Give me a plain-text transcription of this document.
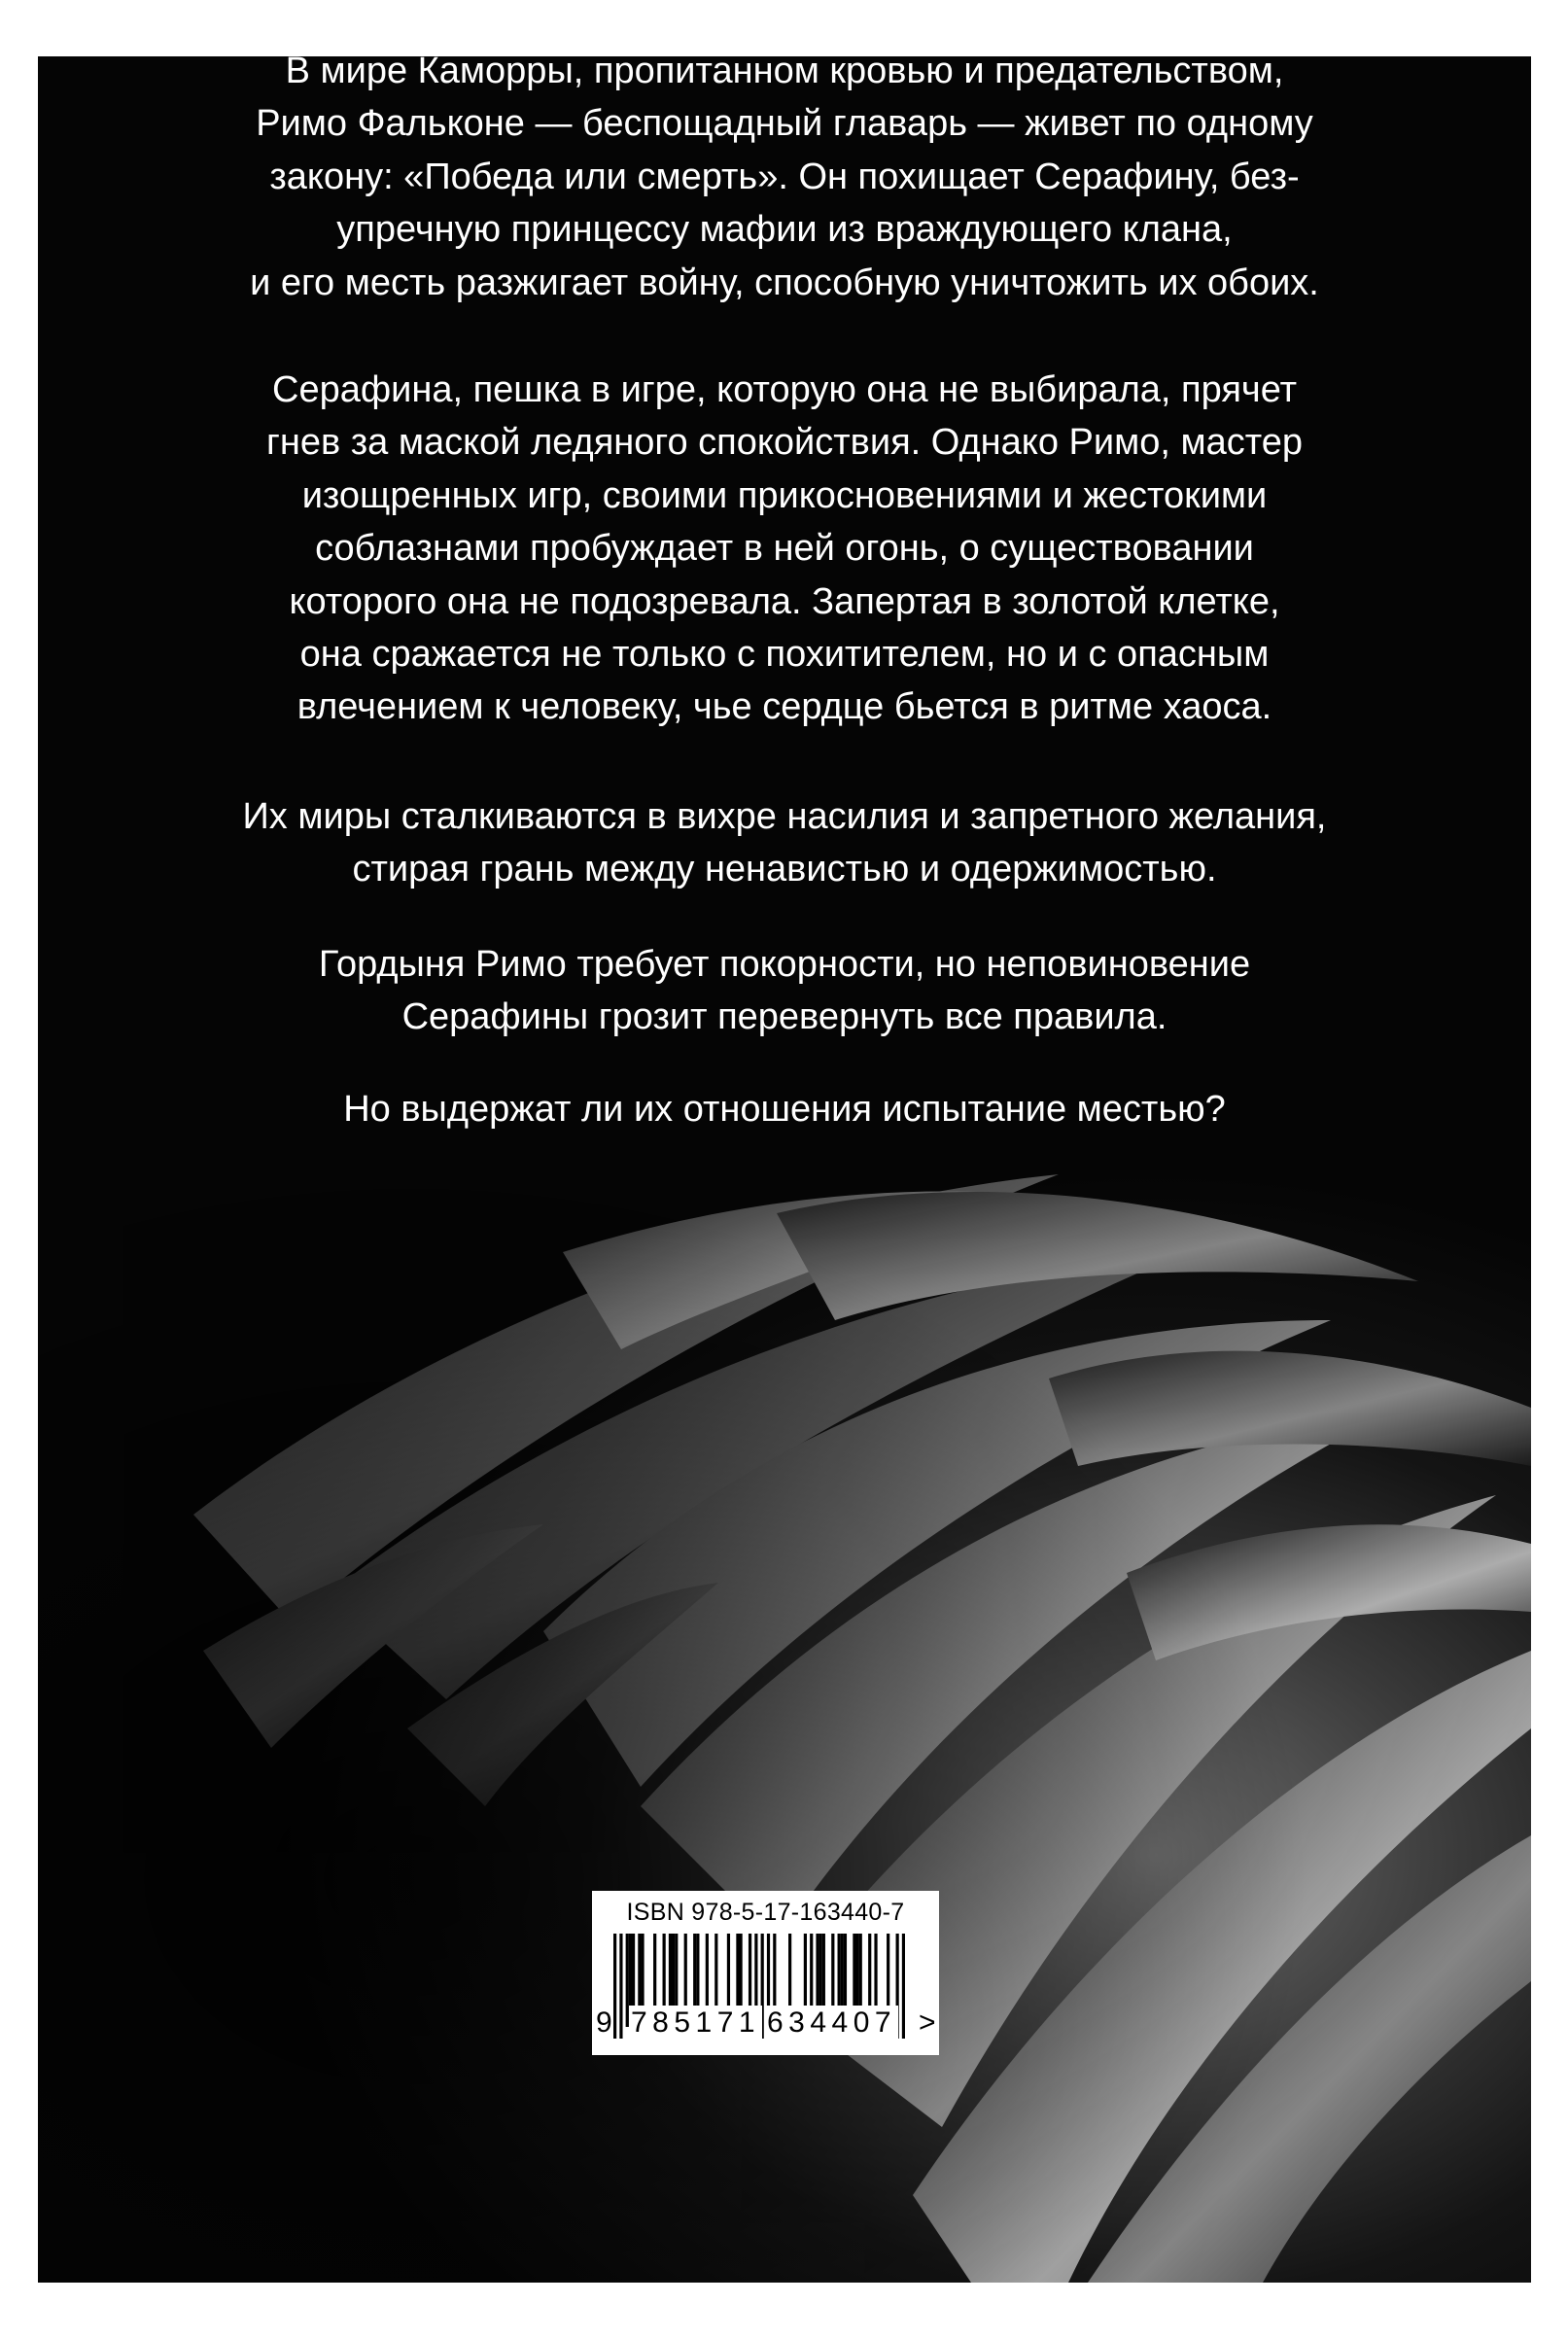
В мире Каморры, пропитанном кровью и предательством,
Римо Фальконе — беспощадный главарь — живет по одному
закону: «Победа или смерть». Он похищает Серафину, без-
упречную принцессу мафии из враждующего клана,
и его месть разжигает войну, способную уничтожить их обоих.
Серафина, пешка в игре, которую она не выбирала, прячет
гнев за маской ледяного спокойствия. Однако Римо, мастер
изощренных игр, своими прикосновениями и жестокими
соблазнами пробуждает в ней огонь, о существовании
которого она не подозревала. Запертая в золотой клетке,
она сражается не только с похитителем, но и с опасным
влечением к человеку, чье сердце бьется в ритме хаоса.
Их миры сталкиваются в вихре насилия и запретного желания,
стирая грань между ненавистью и одержимостью.
Гордыня Римо требует покорности, но неповиновение
Серафины грозит перевернуть все правила.
Но выдержат ли их отношения испытание местью?
ISBN 978-5-17-163440-7
9 785171 634407 >
